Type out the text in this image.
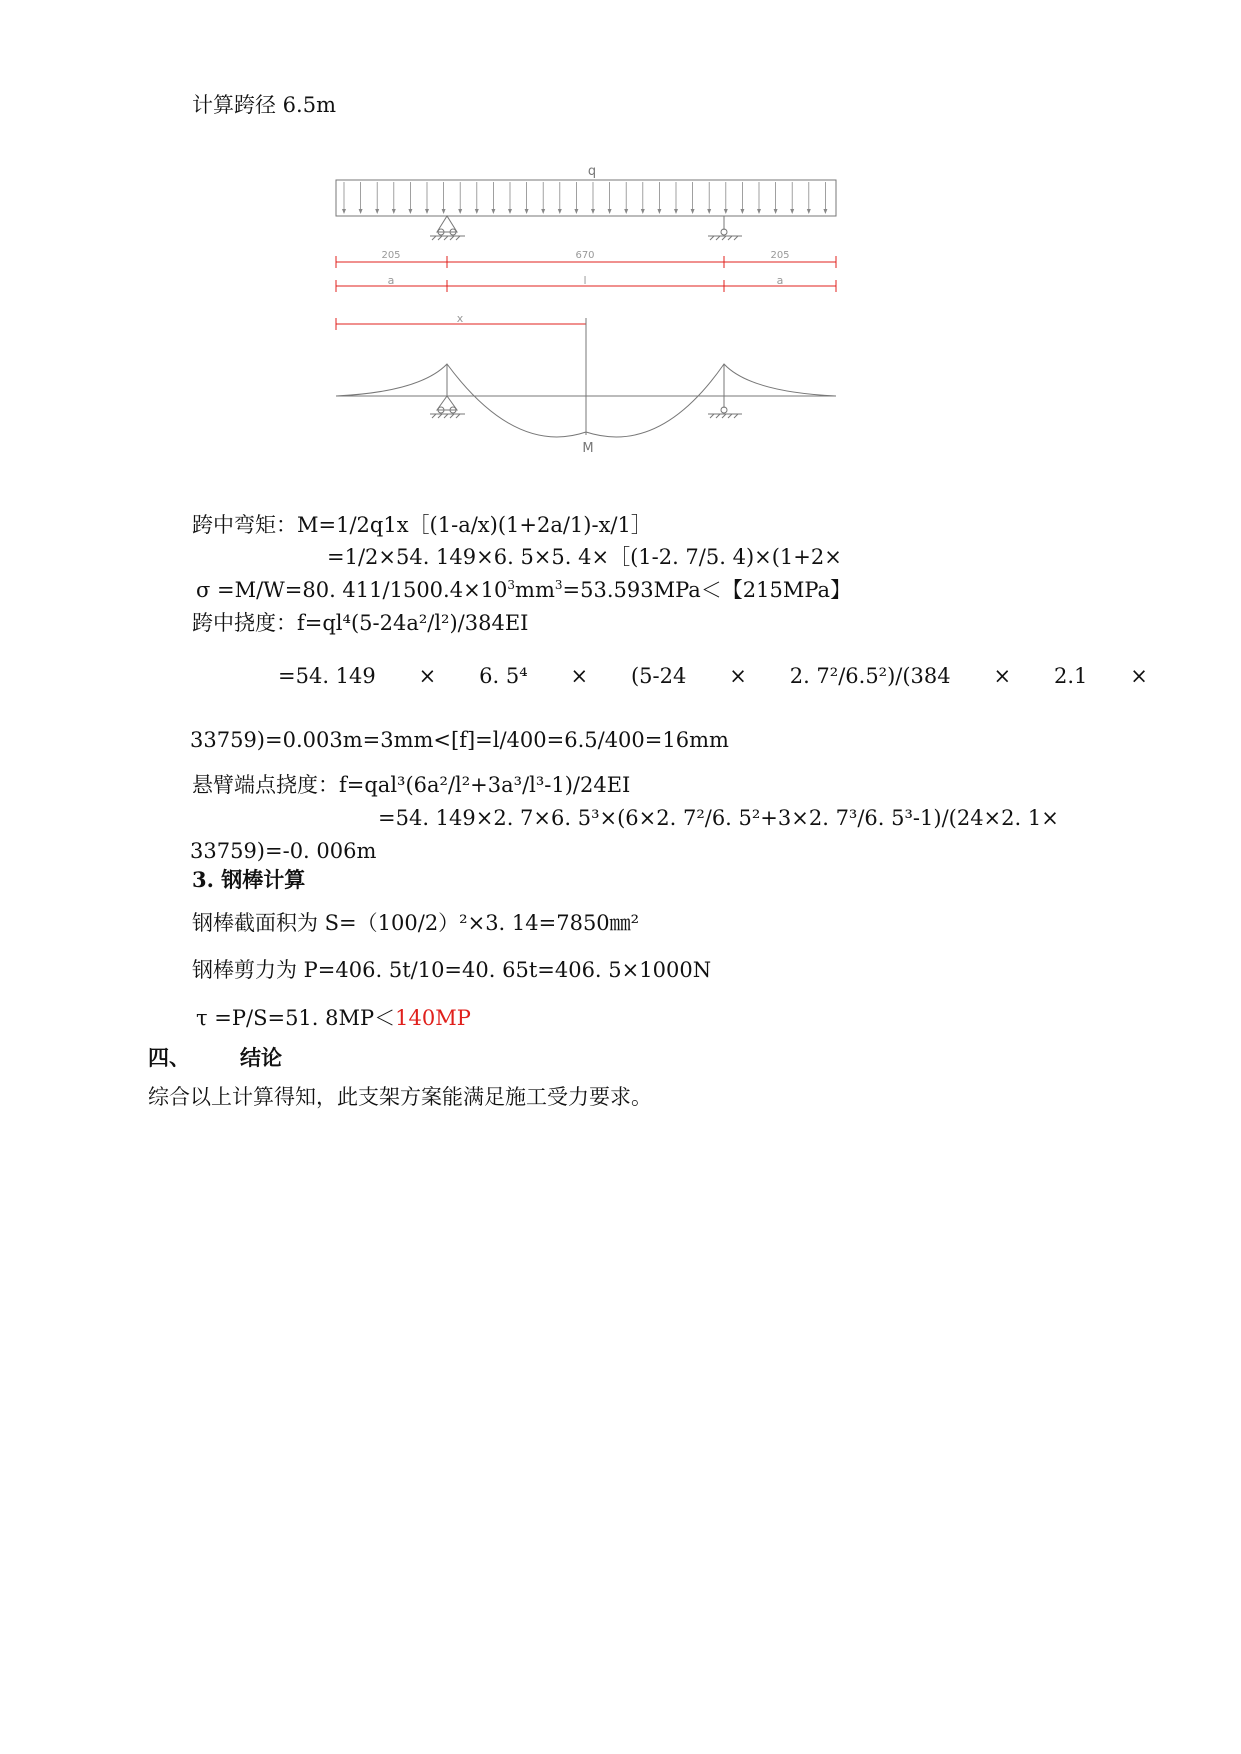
计算跨径 6.5m
q
205	670	205
a	l	a
x
M
跨中弯矩：M=1/2q1x［(1-a/x)(1+2a/1)-x/1］
=1/2×54. 149×6. 5×5. 4×［(1-2. 7/5. 4)×(1+2×
σ =M/W=80. $411/1500.4\times 10^3mm^3=53.593MPa<$【215MPa】
跨中挠度：f=ql⁴(5-24a²/l²)/384EI
=54. 149 × 6. 5⁴ × (5-24 × 2. 7²/6.5²)/(384 × 2.1 ×
33759)=0.003m=3mm<[f]=l/400=6.5/400=16mm
悬臂端点挠度：f=qal³(6a²/l²+3a³/l³-1)/24EI
=54. 149×2. 7×6. 5³×(6×2. 7²/6. 5²+3×2. 7³/6. 5³-1)/(24×2. 1×
33759)=-0. 006m
3. 钢棒计算
钢棒截面积为 S=（100/2）²×3. 14=7850㎜²
钢棒剪力为 P=406. 5t/10=40. 65t=406. 5×1000N
τ =P/S=51. 8MP＜140MP
四、 结论
综合以上计算得知，此支架方案能满足施工受力要求。
